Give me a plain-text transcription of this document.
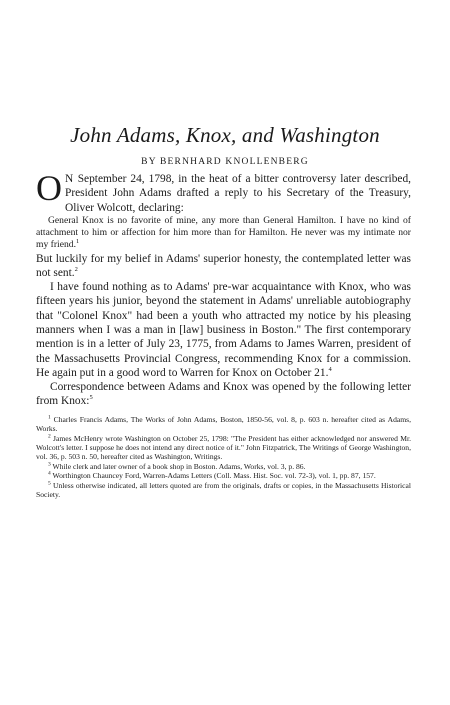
John Adams, Knox, and Washington
BY BERNHARD KNOLLENBERG

O N September 24, 1798, in the heat of a bitter controversy later described, President John Adams drafted a reply to his Secretary of the Treasury, Oliver Wolcott, declaring:

General Knox is no favorite of mine, any more than General Hamilton. I have no kind of attachment to him or affection for him more than for Hamilton. He never was my intimate nor my friend.$^1$

But luckily for my belief in Adams' superior honesty, the contemplated letter was not sent.$^2$

I have found nothing as to Adams' pre-war acquaintance with Knox, who was fifteen years his junior, beyond the statement in Adams' unreliable autobiography that "Colonel Knox" had been a youth who attracted my notice by his pleasing manners when I was a man in [law] business in Boston." The first contemporary mention is in a letter of July 23, 1775, from Adams to James Warren, president of the Massachusetts Provincial Congress, recommending Knox for a commission. He again put in a good word to Warren for Knox on October 21.$^4$

Correspondence between Adams and Knox was opened by the following letter from Knox:$^5$

$^1$ Charles Francis Adams, The Works of John Adams, Boston, 1850-56, vol. 8, p. 603 n. hereafter cited as Adams, Works.

$^2$ James McHenry wrote Washington on October 25, 1798: "The President has either acknowledged nor answered Mr. Wolcott's letter. I suppose he does not intend any direct notice of it." John Fitzpatrick, The Writings of George Washington, vol. 36, p. 503 n. 50, hereafter cited as Washington, Writings.

$^3$ While clerk and later owner of a book shop in Boston. Adams, Works, vol. 3, p. 86.

$^4$ Worthington Chauncey Ford, Warren-Adams Letters (Coll. Mass. Hist. Soc. vol. 72-3), vol. 1, pp. 87, 157.

$^5$ Unless otherwise indicated, all letters quoted are from the originals, drafts or copies, in the Massachusetts Historical Society.
